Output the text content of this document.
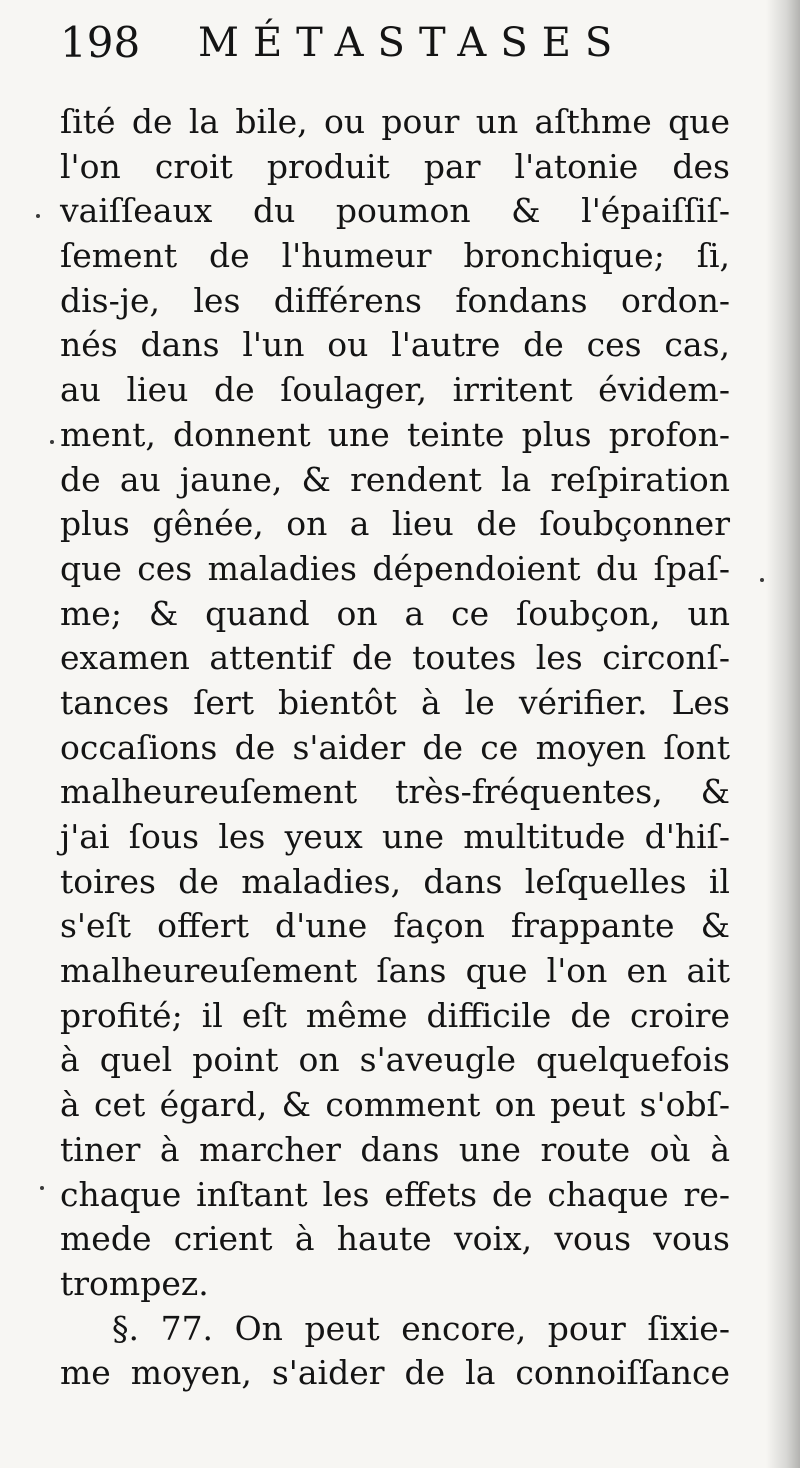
198 MÉTASTASES
ſité de la bile, ou pour un aſthme que
l'on croit produit par l'atonie des
vaiſſeaux du poumon & l'épaiſſiſ-
ſement de l'humeur bronchique; ſi,
dis-je, les différens fondans ordon-
nés dans l'un ou l'autre de ces cas,
au lieu de ſoulager, irritent évidem-
ment, donnent une teinte plus profon-
de au jaune, & rendent la reſpiration
plus gênée, on a lieu de ſoubçonner
que ces maladies dépendoient du ſpaſ-
me; & quand on a ce ſoubçon, un
examen attentif de toutes les circonſ-
tances ſert bientôt à le vérifier. Les
occaſions de s'aider de ce moyen ſont
malheureuſement très-fréquentes, &
j'ai ſous les yeux une multitude d'hiſ-
toires de maladies, dans leſquelles il
s'eſt offert d'une façon frappante &
malheureuſement ſans que l'on en ait
profité; il eſt même difficile de croire
à quel point on s'aveugle quelquefois
à cet égard, & comment on peut s'obſ-
tiner à marcher dans une route où à
chaque inſtant les effets de chaque re-
mede crient à haute voix, vous vous
trompez.
§. 77. On peut encore, pour ſixie-
me moyen, s'aider de la connoiſſance
